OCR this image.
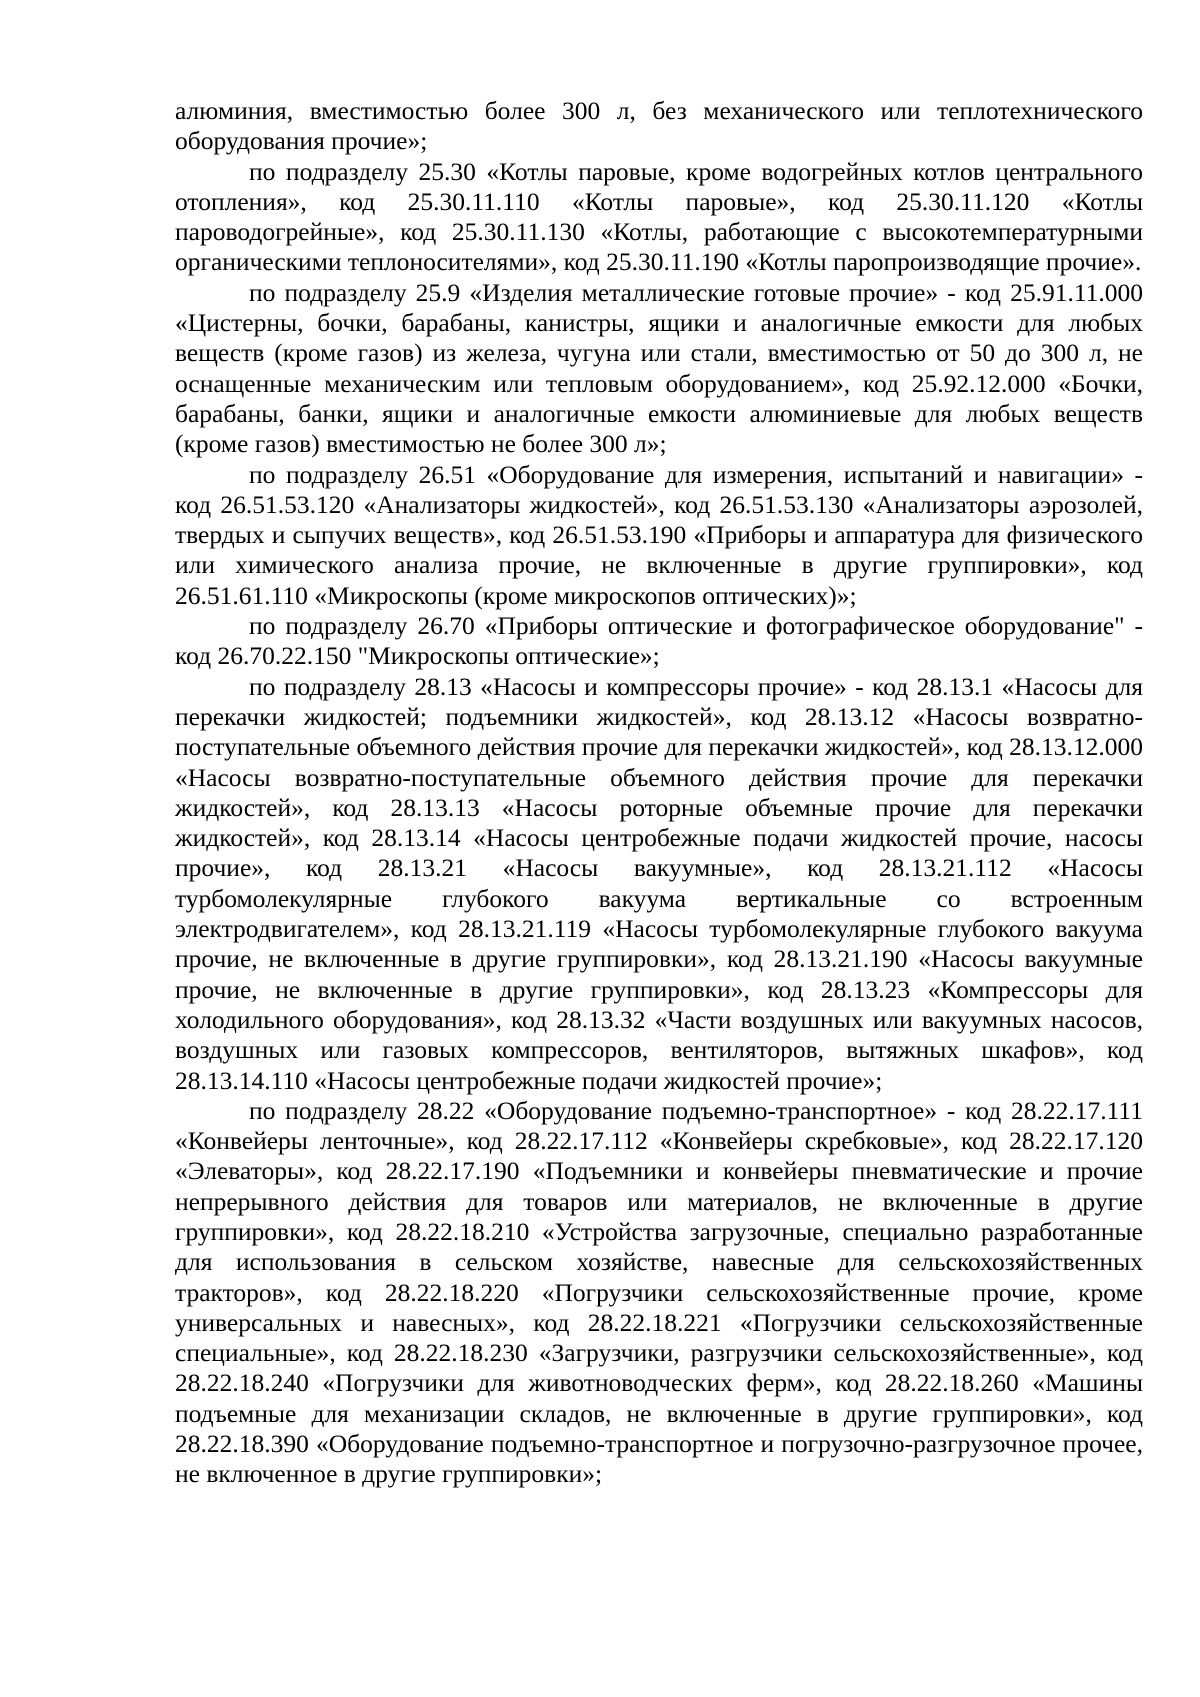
алюминия, вместимостью более 300 л, без механического или теплотехнического оборудования прочие»;

по подразделу 25.30 «Котлы паровые, кроме водогрейных котлов центрального отопления», код 25.30.11.110 «Котлы паровые», код 25.30.11.120 «Котлы пароводогрейные», код 25.30.11.130 «Котлы, работающие с высокотемпературными органическими теплоносителями», код 25.30.11.190 «Котлы паропроизводящие прочие».

по подразделу 25.9 «Изделия металлические готовые прочие» - код 25.91.11.000 «Цистерны, бочки, барабаны, канистры, ящики и аналогичные емкости для любых веществ (кроме газов) из железа, чугуна или стали, вместимостью от 50 до 300 л, не оснащенные механическим или тепловым оборудованием», код 25.92.12.000 «Бочки, барабаны, банки, ящики и аналогичные емкости алюминиевые для любых веществ (кроме газов) вместимостью не более 300 л»;

по подразделу 26.51 «Оборудование для измерения, испытаний и навигации» - код 26.51.53.120 «Анализаторы жидкостей», код 26.51.53.130 «Анализаторы аэрозолей, твердых и сыпучих веществ», код 26.51.53.190 «Приборы и аппаратура для физического или химического анализа прочие, не включенные в другие группировки», код 26.51.61.110 «Микроскопы (кроме микроскопов оптических)»;

по подразделу 26.70 «Приборы оптические и фотографическое оборудование" - код 26.70.22.150 "Микроскопы оптические»;

по подразделу 28.13 «Насосы и компрессоры прочие» - код 28.13.1 «Насосы для перекачки жидкостей; подъемники жидкостей», код 28.13.12 «Насосы возвратно-поступательные объемного действия прочие для перекачки жидкостей», код 28.13.12.000 «Насосы возвратно-поступательные объемного действия прочие для перекачки жидкостей», код 28.13.13 «Насосы роторные объемные прочие для перекачки жидкостей», код 28.13.14 «Насосы центробежные подачи жидкостей прочие, насосы прочие», код 28.13.21 «Насосы вакуумные», код 28.13.21.112 «Насосы турбомолекулярные глубокого вакуума вертикальные со встроенным электродвигателем», код 28.13.21.119 «Насосы турбомолекулярные глубокого вакуума прочие, не включенные в другие группировки», код 28.13.21.190 «Насосы вакуумные прочие, не включенные в другие группировки», код 28.13.23 «Компрессоры для холодильного оборудования», код 28.13.32 «Части воздушных или вакуумных насосов, воздушных или газовых компрессоров, вентиляторов, вытяжных шкафов», код 28.13.14.110 «Насосы центробежные подачи жидкостей прочие»;

по подразделу 28.22 «Оборудование подъемно-транспортное» - код 28.22.17.111 «Конвейеры ленточные», код 28.22.17.112 «Конвейеры скребковые», код 28.22.17.120 «Элеваторы», код 28.22.17.190 «Подъемники и конвейеры пневматические и прочие непрерывного действия для товаров или материалов, не включенные в другие группировки», код 28.22.18.210 «Устройства загрузочные, специально разработанные для использования в сельском хозяйстве, навесные для сельскохозяйственных тракторов», код 28.22.18.220 «Погрузчики сельскохозяйственные прочие, кроме универсальных и навесных», код 28.22.18.221 «Погрузчики сельскохозяйственные специальные», код 28.22.18.230 «Загрузчики, разгрузчики сельскохозяйственные», код 28.22.18.240 «Погрузчики для животноводческих ферм», код 28.22.18.260 «Машины подъемные для механизации складов, не включенные в другие группировки», код 28.22.18.390 «Оборудование подъемно-транспортное и погрузочно-разгрузочное прочее, не включенное в другие группировки»;
